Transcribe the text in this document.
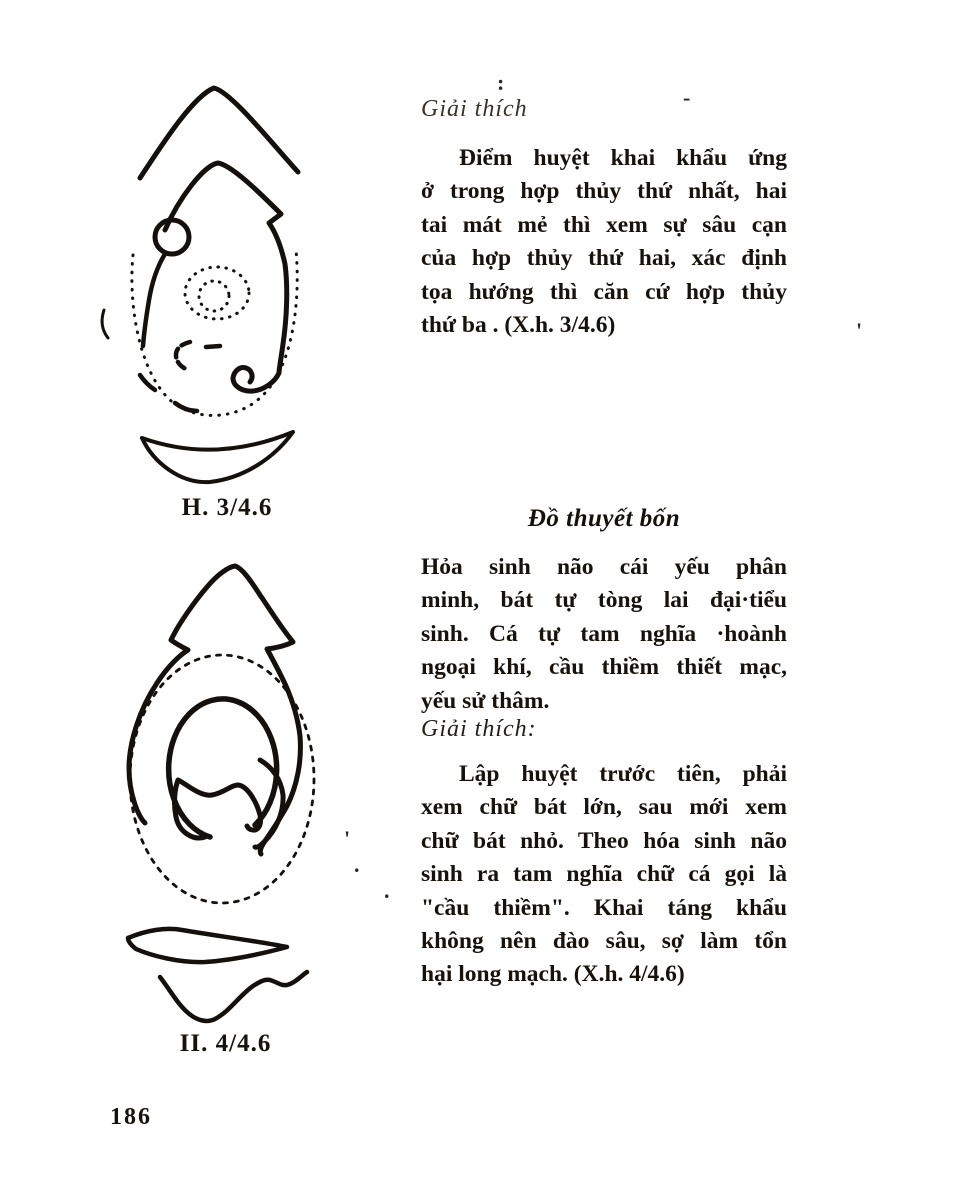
H. 3/4.6
II. 4/4.6
Giải thích
Điểm huyệt khai khẩu ứng
ở trong hợp thủy thứ nhất, hai
tai mát mẻ thì xem sự sâu cạn
của hợp thủy thứ hai, xác định
tọa hướng thì căn cứ hợp thủy
thứ ba . (X.h. 3/4.6)
Đồ thuyết bốn
Hỏa sinh não cái yếu phân
minh, bát tự tòng lai đại·tiểu
sinh. Cá tự tam nghĩa ·hoành
ngoại khí, cầu thiềm thiết mạc,
yếu sử thâm.
Giải thích:
Lập huyệt trước tiên, phải
xem chữ bát lớn, sau mới xem
chữ bát nhỏ. Theo hóa sinh não
sinh ra tam nghĩa chữ cá gọi là
"cầu thiềm". Khai táng khẩu
không nên đào sâu, sợ làm tổn
hại long mạch. (X.h. 4/4.6)
:
-
'
'
.
.
186
